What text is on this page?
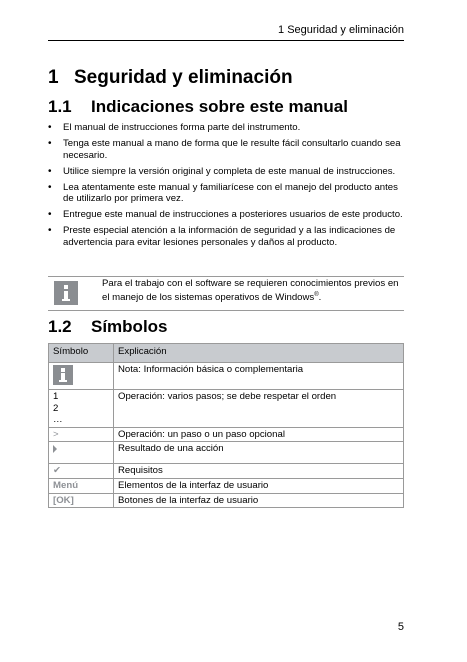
1 Seguridad y eliminación
1 Seguridad y eliminación
1.1 Indicaciones sobre este manual
• El manual de instrucciones forma parte del instrumento.
• Tenga este manual a mano de forma que le resulte fácil consultarlo cuando sea necesario.
• Utilice siempre la versión original y completa de este manual de instrucciones.
• Lea atentamente este manual y familiarícese con el manejo del producto antes de utilizarlo por primera vez.
• Entregue este manual de instrucciones a posteriores usuarios de este producto.
• Preste especial atención a la información de seguridad y a las indicaciones de advertencia para evitar lesiones personales y daños al producto.
Para el trabajo con el software se requieren conocimientos previos en el manejo de los sistemas operativos de Windows®.
1.2 Símbolos
Símbolo	Explicación

	Nota: Información básica o complementaria

1
2
…	Operación: varios pasos; se debe respetar el orden
>	Operación: un paso o un paso opcional
	Resultado de una acción
✔	Requisitos
Menú	Elementos de la interfaz de usuario
[OK]	Botones de la interfaz de usuario
5
